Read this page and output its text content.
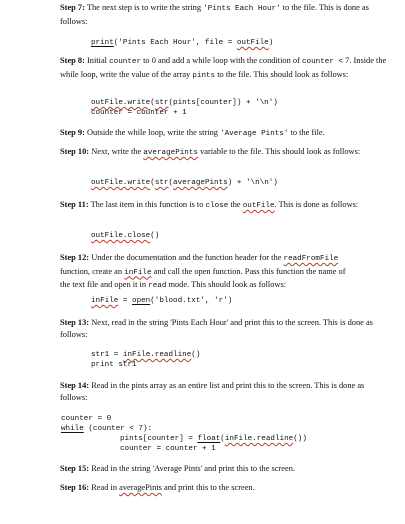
Step 7: The next step is to write the string 'Pints Each Hour' to the file. This is done as follows:
print('Pints Each Hour', file = outFile)
Step 8: Initial counter to 0 and add a while loop with the condition of counter < 7. Inside the while loop, write the value of the array pints to the file. This should look as follows:
outFile.write(str(pints[counter]) + '\n')
counter = counter + 1
Step 9: Outside the while loop, write the string 'Average Pints' to the file.
Step 10: Next, write the averagePints variable to the file. This should look as follows:
outFile.write(str(averagePints) + '\n\n')
Step 11: The last item in this function is to close the outFile. This is done as follows:
outFile.close()
Step 12: Under the documentation and the function header for the readFromFile
function, create an inFile and call the open function. Pass this function the name of
the text file and open it in read mode. This should look as follows:
inFile = open('blood.txt', 'r')
Step 13: Next, read in the string 'Pints Each Hour' and print this to the screen. This is done as follows:
str1 = inFile.readline()
print str1
Step 14: Read in the pints array as an entire list and print this to the screen. This is done as follows:
counter = 0
while (counter < 7):
pints[counter] = float(inFile.readline())
counter = counter + 1
Step 15: Read in the string 'Average Pints' and print this to the screen.
Step 16: Read in averagePints and print this to the screen.
